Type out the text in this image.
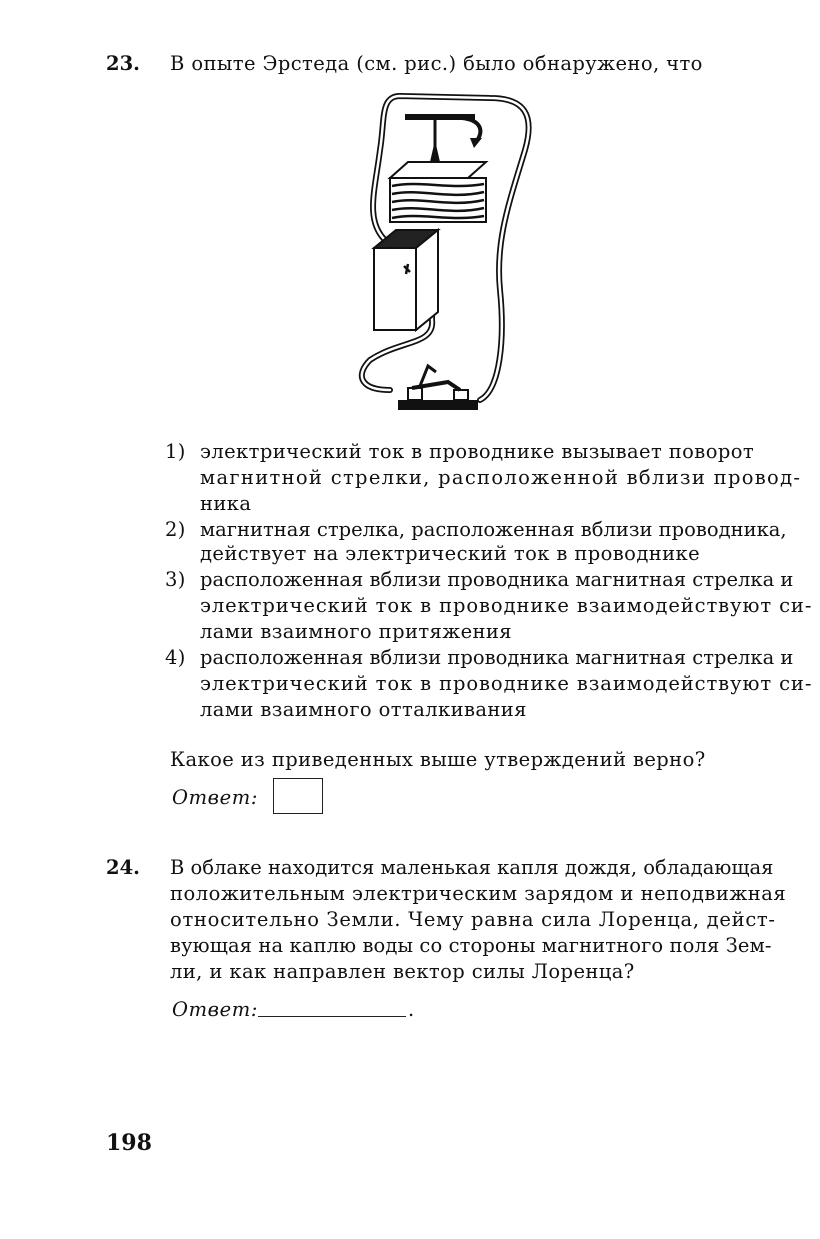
23. В опыте Эрстеда (см. рис.) было обнаружено, что
1) электрический ток в проводнике вызывает поворот
магнитной стрелки, расположенной вблизи провод-
ника
2) магнитная стрелка, расположенная вблизи проводника,
действует на электрический ток в проводнике
3) расположенная вблизи проводника магнитная стрелка и
электрический ток в проводнике взаимодействуют си-
лами взаимного притяжения
4) расположенная вблизи проводника магнитная стрелка и
электрический ток в проводнике взаимодействуют си-
лами взаимного отталкивания
Какое из приведенных выше утверждений верно?
Ответ:
24. В облаке находится маленькая капля дождя, обладающая
положительным электрическим зарядом и неподвижная
относительно Земли. Чему равна сила Лоренца, дейст-
вующая на каплю воды со стороны магнитного поля Зем-
ли, и как направлен вектор силы Лоренца?
Ответ:	.
198
